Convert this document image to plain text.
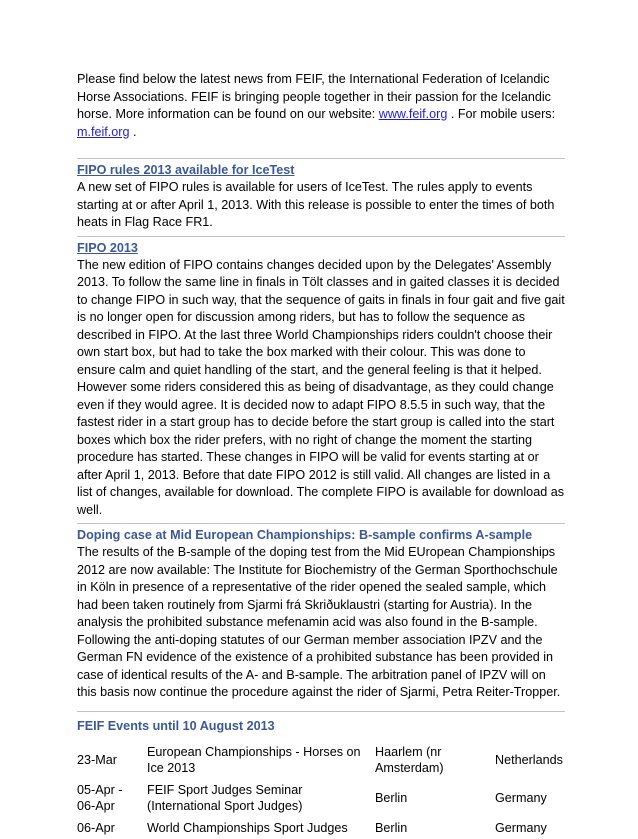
Please find below the latest news from FEIF, the International Federation of Icelandic Horse Associations. FEIF is bringing people together in their passion for the Icelandic horse. More information can be found on our website: www.feif.org . For mobile users: m.feif.org .

FIPO rules 2013 available for IceTest

A new set of FIPO rules is available for users of IceTest. The rules apply to events starting at or after April 1, 2013. With this release is possible to enter the times of both heats in Flag Race FR1.

FIPO 2013

The new edition of FIPO contains changes decided upon by the Delegates' Assembly 2013. To follow the same line in finals in Tölt classes and in gaited classes it is decided to change FIPO in such way, that the sequence of gaits in finals in four gait and five gait is no longer open for discussion among riders, but has to follow the sequence as described in FIPO. At the last three World Championships riders couldn't choose their own start box, but had to take the box marked with their colour. This was done to ensure calm and quiet handling of the start, and the general feeling is that it helped. However some riders considered this as being of disadvantage, as they could change even if they would agree. It is decided now to adapt FIPO 8.5.5 in such way, that the fastest rider in a start group has to decide before the start group is called into the start boxes which box the rider prefers, with no right of change the moment the starting procedure has started. These changes in FIPO will be valid for events starting at or after April 1, 2013. Before that date FIPO 2012 is still valid. All changes are listed in a list of changes, available for download. The complete FIPO is available for download as well.

Doping case at Mid European Championships: B-sample confirms A-sample

The results of the B-sample of the doping test from the Mid EUropean Championships 2012 are now available: The Institute for Biochemistry of the German Sporthochschule in Köln in presence of a representative of the rider opened the sealed sample, which had been taken routinely from Sjarmi frá Skriðuklaustri (starting for Austria). In the analysis the prohibited substance mefenamin acid was also found in the B-sample. Following the anti-doping statutes of our German member association IPZV and the German FN evidence of the existence of a prohibited substance has been provided in case of identical results of the A- and B-sample. The arbitration panel of IPZV will on this basis now continue the procedure against the rider of Sjarmi, Petra Reiter-Tropper.

FEIF Events until 10 August 2013
23-Mar	European Championships - Horses on Ice 2013	Haarlem (nr Amsterdam)	Netherlands
05-Apr - 06-Apr	FEIF Sport Judges Seminar (International Sport Judges)	Berlin	Germany
06-Apr	World Championships Sport Judges	Berlin	Germany
